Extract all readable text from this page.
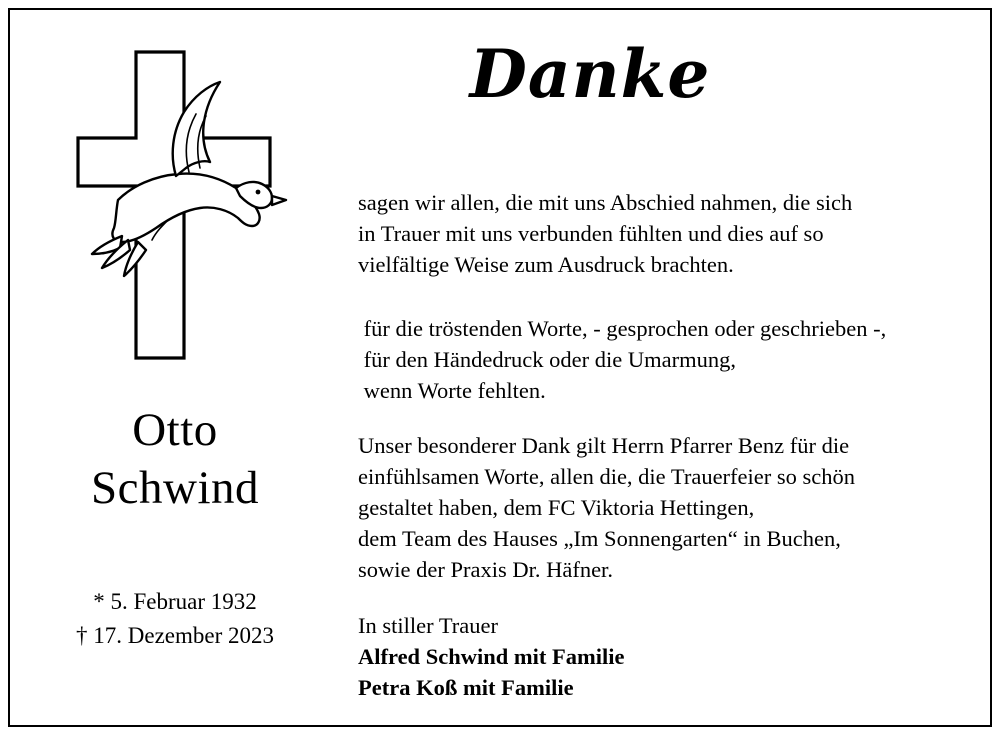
Otto
Schwind
* 5. Februar 1932
† 17. Dezember 2023
Danke

sagen wir allen, die mit uns Abschied nahmen, die sich

in Trauer mit uns verbunden fühlten und dies auf so

vielfältige Weise zum Ausdruck brachten.

für die tröstenden Worte, - gesprochen oder geschrieben -,

für den Händedruck oder die Umarmung,

wenn Worte fehlten.

Unser besonderer Dank gilt Herrn Pfarrer Benz für die

einfühlsamen Worte, allen die, die Trauerfeier so schön

gestaltet haben, dem FC Viktoria Hettingen,

dem Team des Hauses „Im Sonnengarten“ in Buchen,

sowie der Praxis Dr. Häfner.

In stiller Trauer

Alfred Schwind mit Familie

Petra Koß mit Familie
